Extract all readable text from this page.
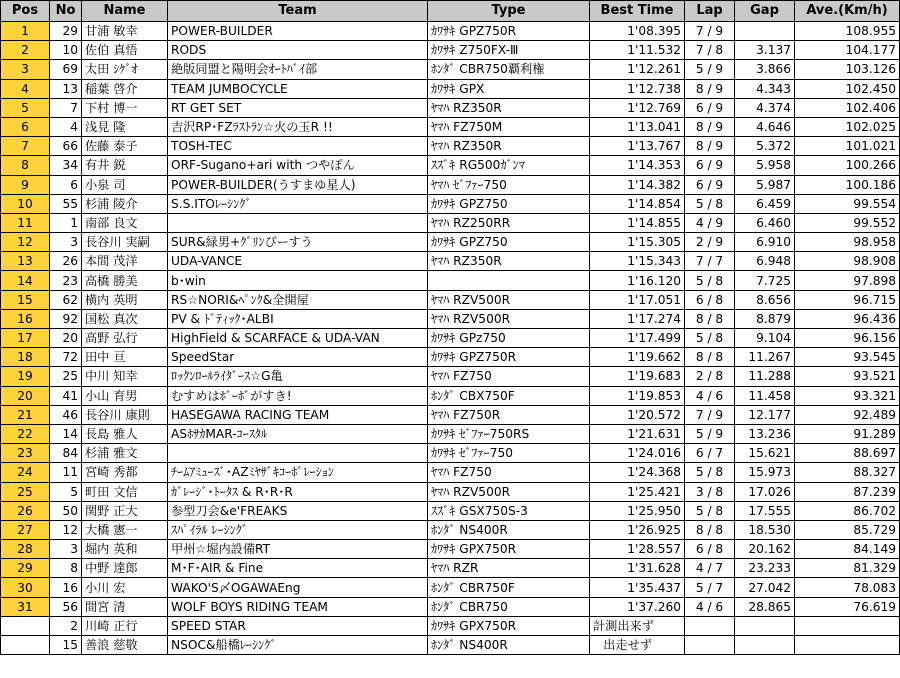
Pos	No	Name	Team	Type	Best Time	Lap	Gap	Ave.(Km/h)
1	29	甘浦 敏幸	POWER-BUILDER	ｶﾜｻｷ GPZ750R	1'08.395	7 / 9		108.955
2	10	佐伯 真悟	RODS	ｶﾜｻｷ Z750FX-Ⅲ	1'11.532	7 / 8	3.137	104.177
3	69	太田 ｼｹﾞｵ	絶版同盟と陽明会ｵｰﾄﾊﾞｲ部	ﾎﾝﾀﾞ CBR750覇利権	1'12.261	5 / 9	3.866	103.126
4	13	稲葉 啓介	TEAM JUMBOCYCLE	ｶﾜｻｷ GPX	1'12.738	8 / 9	4.343	102.450
5	7	下村 博一	RT GET SET	ﾔﾏﾊ RZ350R	1'12.769	6 / 9	4.374	102.406
6	4	浅見 隆	吉沢RP･FZﾗｽﾄﾗﾝ☆火の玉R !!	ﾔﾏﾊ FZ750M	1'13.041	8 / 9	4.646	102.025
7	66	佐藤 泰子	TOSH-TEC	ﾔﾏﾊ RZ350R	1'13.767	8 / 9	5.372	101.021
8	34	有井 鋭	ORF-Sugano+ari with つやぽん	ｽｽﾞｷ RG500ｶﾞﾝﾏ	1'14.353	6 / 9	5.958	100.266
9	6	小泉 司	POWER-BUILDER(うすまゆ星人)	ﾔﾏﾊ ｾﾞﾌｧｰ750	1'14.382	6 / 9	5.987	100.186
10	55	杉浦 陵介	S.S.ITOﾚｰｼﾝｸﾞ	ｶﾜｻｷ GPZ750	1'14.854	5 / 8	6.459	99.554
11	1	南部 良文		ﾔﾏﾊ RZ250RR	1'14.855	4 / 9	6.460	99.552
12	3	長谷川 実嗣	SUR&緑男+ｸﾞﾘﾝぴーすう	ｶﾜｻｷ GPZ750	1'15.305	2 / 9	6.910	98.958
13	26	本間 茂洋	UDA-VANCE	ﾔﾏﾊ RZ350R	1'15.343	7 / 7	6.948	98.908
14	23	高橋 勝美	b･win		1'16.120	5 / 8	7.725	97.898
15	62	横内 英明	RS☆NORI&ﾍﾟﾝｸ&全開屋	ﾔﾏﾊ RZV500R	1'17.051	6 / 8	8.656	96.715
16	92	国松 真次	PV & ﾄﾞﾃｨｯｸ･ALBI	ﾔﾏﾊ RZV500R	1'17.274	8 / 8	8.879	96.436
17	20	高野 弘行	HighField & SCARFACE & UDA-VAN	ｶﾜｻｷ GPz750	1'17.499	5 / 8	9.104	96.156
18	72	田中 亘	SpeedStar	ｶﾜｻｷ GPZ750R	1'19.662	8 / 8	11.267	93.545
19	25	中川 知幸	ﾛｯｸﾝﾛｰﾙﾗｲﾀﾞｰｽ☆G亀	ﾔﾏﾊ FZ750	1'19.683	2 / 8	11.288	93.521
20	41	小山 育男	むすめはﾎﾞｰﾎﾞがすき!	ﾎﾝﾀﾞ CBX750F	1'19.853	4 / 6	11.458	93.321
21	46	長谷川 康則	HASEGAWA RACING TEAM	ﾔﾏﾊ FZ750R	1'20.572	7 / 9	12.177	92.489
22	14	長島 雅人	ASﾎｻｶMAR-ｺｰｽﾀﾙ	ｶﾜｻｷ ｾﾞﾌｧｰ750RS	1'21.631	5 / 9	13.236	91.289
23	84	杉浦 雅文		ｶﾜｻｷ ｾﾞﾌｧｰ750	1'24.016	6 / 7	15.621	88.697
24	11	宮崎 秀都	ﾁｰﾑｱﾐｭｰｽﾞ･AZﾐﾔｻﾞｷｺｰﾎﾟﾚｰｼｮﾝ	ﾔﾏﾊ FZ750	1'24.368	5 / 8	15.973	88.327
25	5	町田 文信	ｶﾞﾚｰｼﾞ･ﾄｰﾀｽ & R･R･R	ﾔﾏﾊ RZV500R	1'25.421	3 / 8	17.026	87.239
26	50	関野 正大	参型刀会&e'FREAKS	ｽｽﾞｷ GSX750S-3	1'25.950	5 / 8	17.555	86.702
27	12	大橋 憲一	ｽﾊﾟｲﾗﾙ ﾚｰｼﾝｸﾞ	ﾎﾝﾀﾞ NS400R	1'26.925	8 / 8	18.530	85.729
28	3	堀内 英和	甲州☆堀内設備RT	ｶﾜｻｷ GPX750R	1'28.557	6 / 8	20.162	84.149
29	8	中野 達郎	M･F･AIR & Fine	ﾔﾏﾊ RZR	1'31.628	4 / 7	23.233	81.329
30	16	小川 宏	WAKO'S〆OGAWAEng	ﾎﾝﾀﾞ CBR750F	1'35.437	5 / 7	27.042	78.083
31	56	間宮 清	WOLF BOYS RIDING TEAM	ﾎﾝﾀﾞ CBR750	1'37.260	4 / 6	28.865	76.619
	2	川崎 正行	SPEED STAR	ｶﾜｻｷ GPX750R	計測出来ず			
	15	善浪 慈敬	NSOC&船橋ﾚｰｼﾝｸﾞ	ﾎﾝﾀﾞ NS400R	出走せず			
